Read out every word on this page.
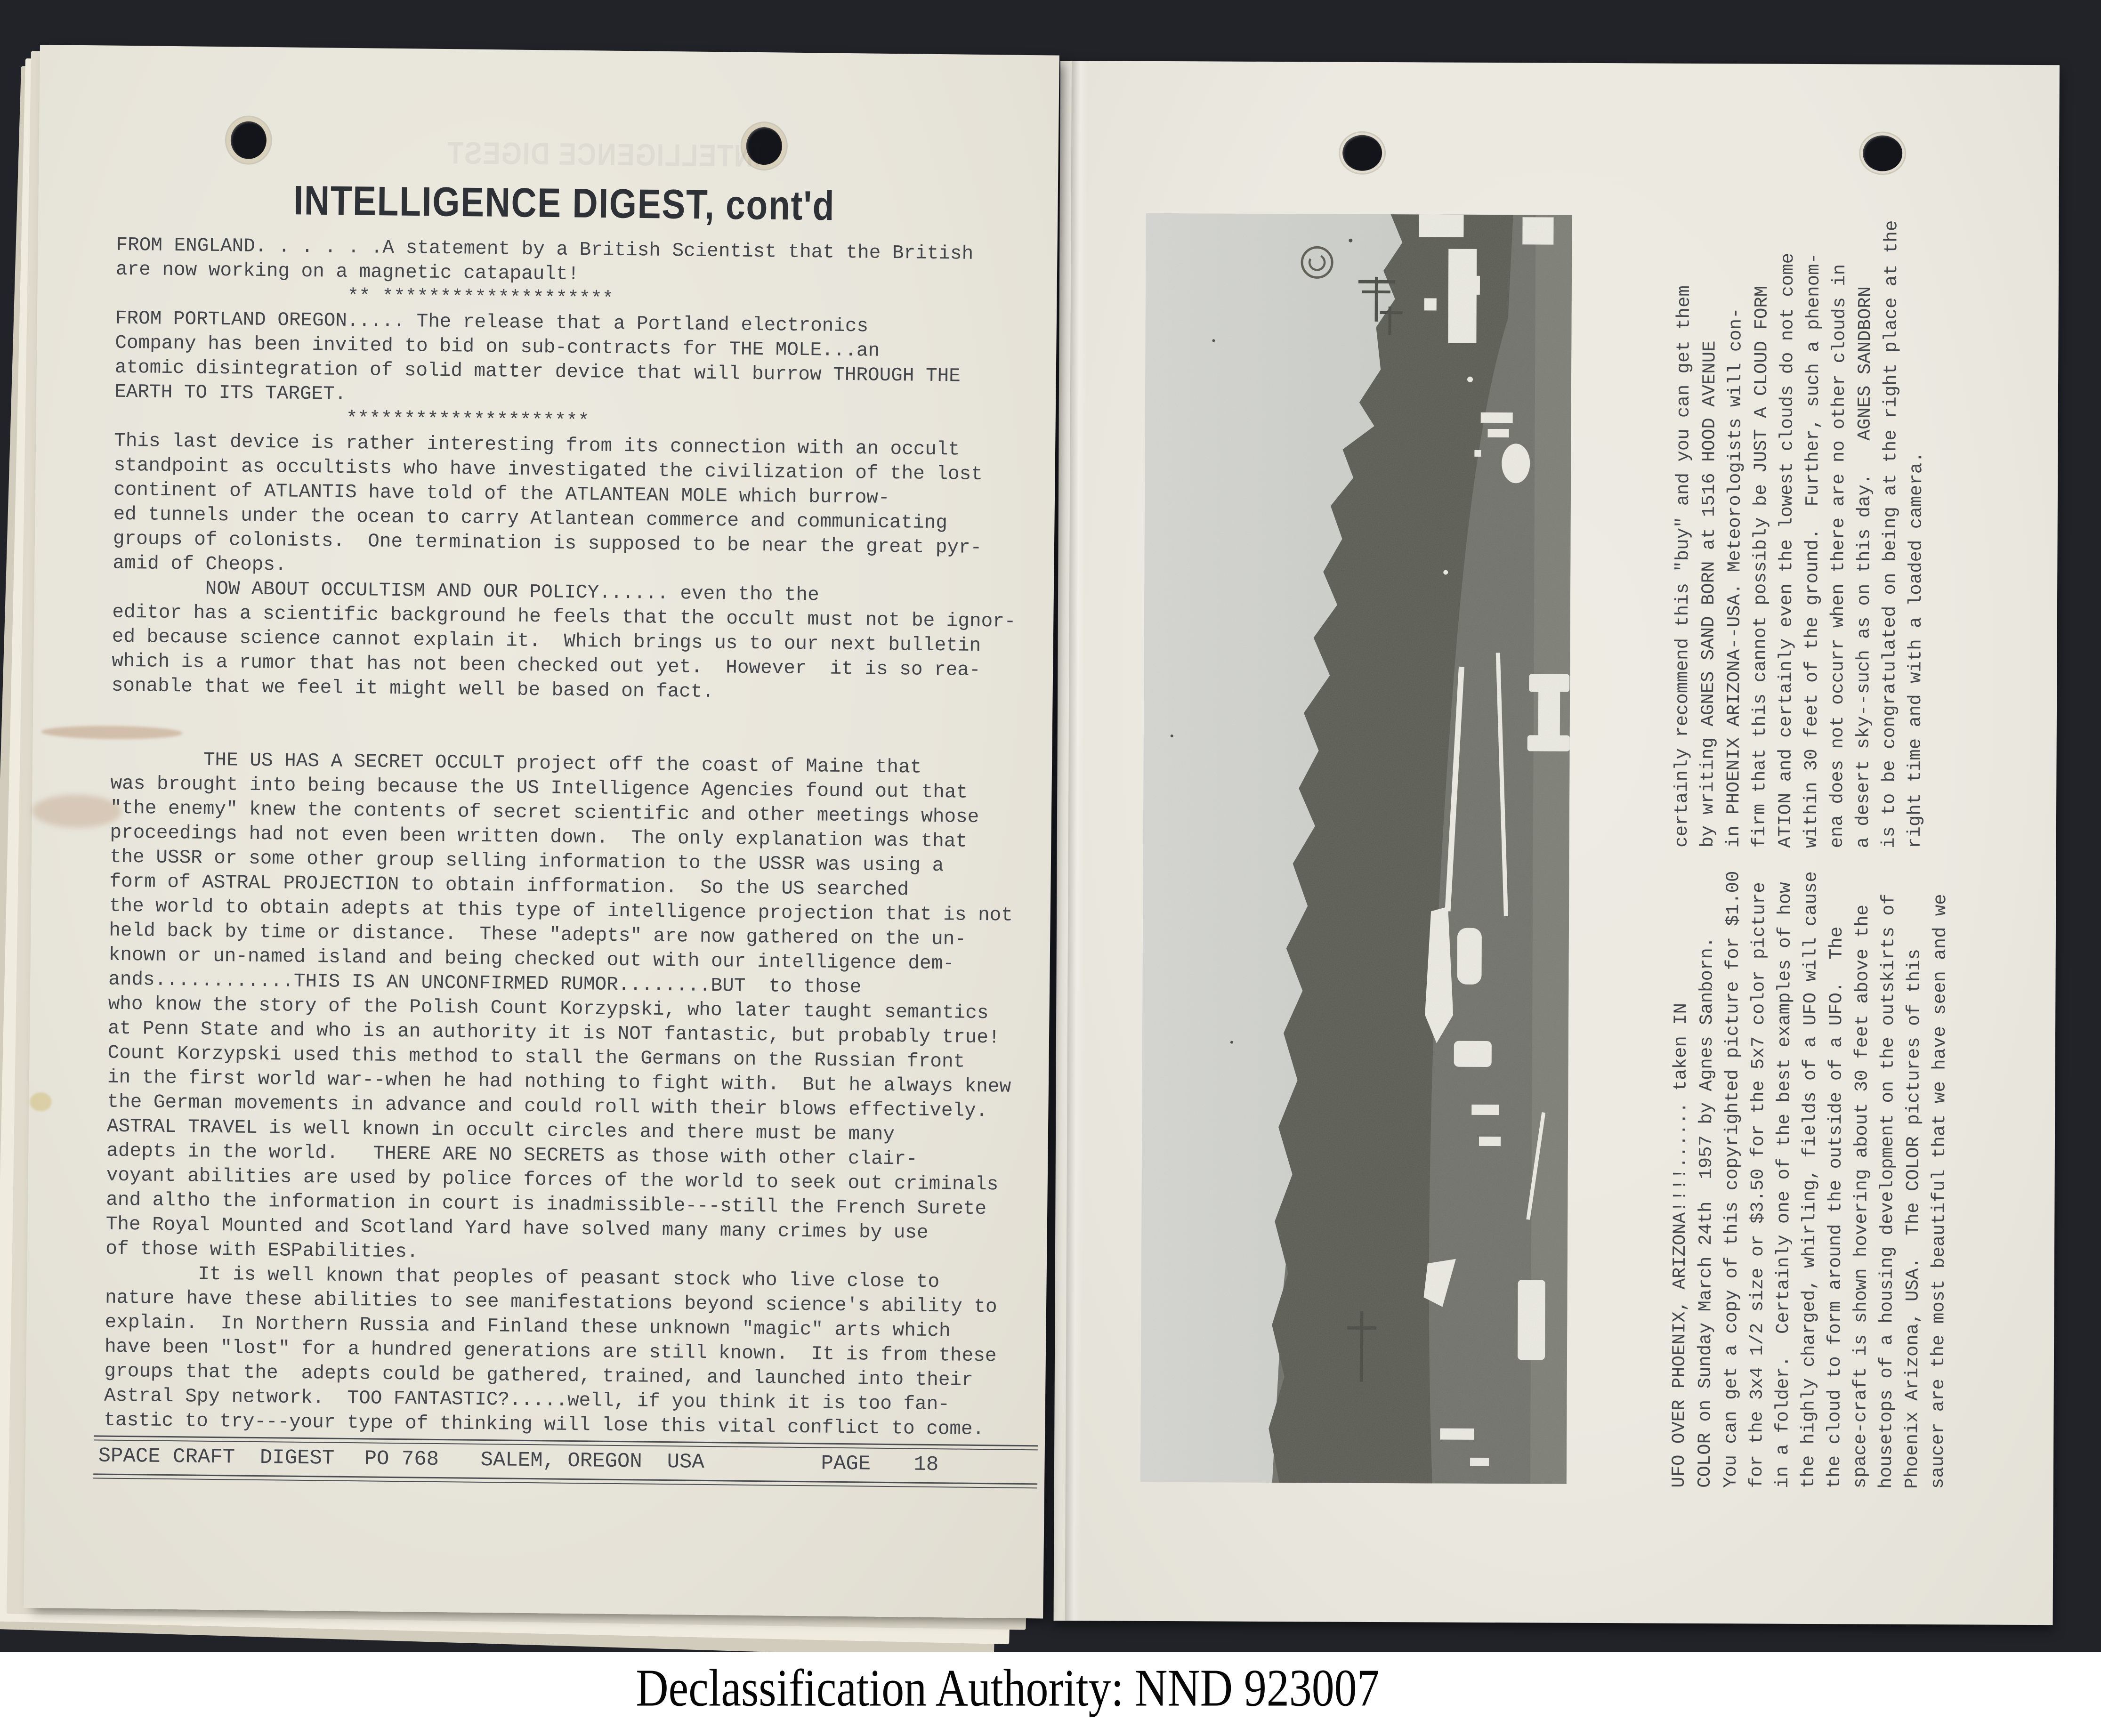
UFO OVER PHOENIX, ARIZONA!!!!...... taken IN COLOR on Sunday March 24th  1957 by Agnes Sanborn. You can get a copy of this copyrighted picture for $1.00 for the 3x4 1/2 size or $3.50 for the 5x7 color picture in a folder.  Certainly one of the best examples of how the highly charged, whirling, fields of a UFO will cause the cloud to form around the outside of a UFO.  The space-craft is shown hovering about 30 feet above the housetops of a housing development on the outskirts of Phoenix Arizona, USA.  The COLOR pictures of this saucer are the most beautiful that we have seen and we
certainly recommend this "buy" and you can get them by writing AGNES SAND BORN at 1516 HOOD AVENUE in PHOENIX ARIZONA--USA. Meteorologists will con- firm that this cannot possibly be JUST A CLOUD FORM ATION and certainly even the lowest clouds do not come within 30 feet of the ground.  Further, such a phenom- ena does not occurr when there are no other clouds in a desert sky--such as on this day.   AGNES SANDBORN is to be congratulated on being at the right place at the right time and with a loaded camera.
INTELLIGENCE DIGEST
INTELLIGENCE DIGEST, cont'd
FROM ENGLAND. . . . . .A statement by a British Scientist that the British
are now working on a magnetic catapault!
** ********************
FROM PORTLAND OREGON..... The release that a Portland electronics
Company has been invited to bid on sub-contracts for THE MOLE...an
atomic disintegration of solid matter device that will burrow THROUGH THE
EARTH TO ITS TARGET.
*********************
This last device is rather interesting from its connection with an occult
standpoint as occultists who have investigated the civilization of the lost
continent of ATLANTIS have told of the ATLANTEAN MOLE which burrow-
ed tunnels under the ocean to carry Atlantean commerce and communicating
groups of colonists.  One termination is supposed to be near the great pyr-
amid of Cheops.
NOW ABOUT OCCULTISM AND OUR POLICY...... even tho the
editor has a scientific background he feels that the occult must not be ignor-
ed because science cannot explain it.  Which brings us to our next bulletin
which is a rumor that has not been checked out yet.  However  it is so rea-
sonable that we feel it might well be based on fact.

THE US HAS A SECRET OCCULT project off the coast of Maine that
was brought into being because the US Intelligence Agencies found out that
"the enemy" knew the contents of secret scientific and other meetings whose
proceedings had not even been written down.  The only explanation was that
the USSR or some other group selling information to the USSR was using a
form of ASTRAL PROJECTION to obtain infformation.  So the US searched
the world to obtain adepts at this type of intelligence projection that is not
held back by time or distance.  These "adepts" are now gathered on the un-
known or un-named island and being checked out with our intelligence dem-
ands............THIS IS AN UNCONFIRMED RUMOR........BUT  to those
who know the story of the Polish Count Korzypski, who later taught semantics
at Penn State and who is an authority it is NOT fantastic, but probably true!
Count Korzypski used this method to stall the Germans on the Russian front
in the first world war--when he had nothing to fight with.  But he always knew
the German movements in advance and could roll with their blows effectively.
ASTRAL TRAVEL is well known in occult circles and there must be many
adepts in the world.   THERE ARE NO SECRETS as those with other clair-
voyant abilities are used by police forces of the world to seek out criminals
and altho the information in court is inadmissible---still the French Surete
The Royal Mounted and Scotland Yard have solved many many crimes by use
of those with ESPabilities.
It is well known that peoples of peasant stock who live close to
nature have these abilities to see manifestations beyond science's ability to
explain.  In Northern Russia and Finland these unknown "magic" arts which
have been "lost" for a hundred generations are still known.  It is from these
groups that the  adepts could be gathered, trained, and launched into their
Astral Spy network.  TOO FANTASTIC?.....well, if you think it is too fan-
tastic to try---your type of thinking will lose this vital conflict to come.

SPACE CRAFT  DIGEST

PO 768

SALEM, OREGON  USA

	PAGE

18

Declassification Authority: NND 923007
